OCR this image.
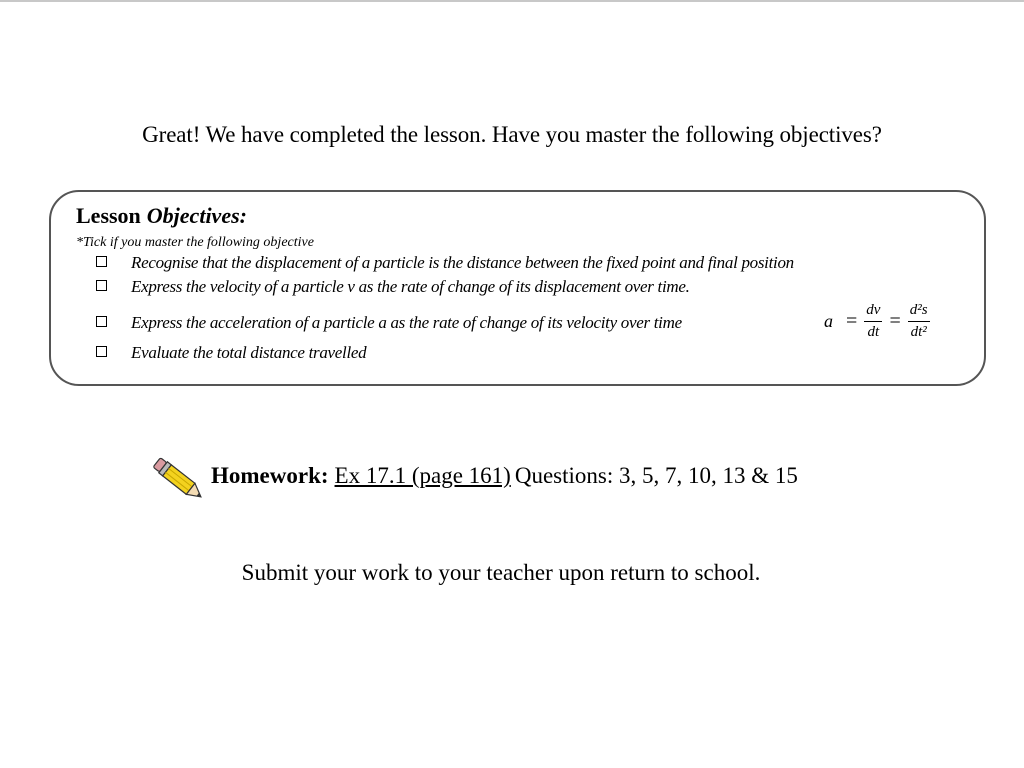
Great! We have completed the lesson. Have you master the following objectives?
Lesson Objectives:
*Tick if you master the following objective
Recognise that the displacement of a particle is the distance between the fixed point and final position
Express the velocity of a particle v as the rate of change of its displacement over time.
Express the acceleration of a particle a as the rate of change of its velocity over time
Evaluate the total distance travelled
$a = \frac{dv}{dt} = \frac{\text{d²s}}{\text{dt²}}$
Homework: Ex 17.1 (page 161) Questions: 3, 5, 7, 10, 13 & 15
Submit your work to your teacher upon return to school.
